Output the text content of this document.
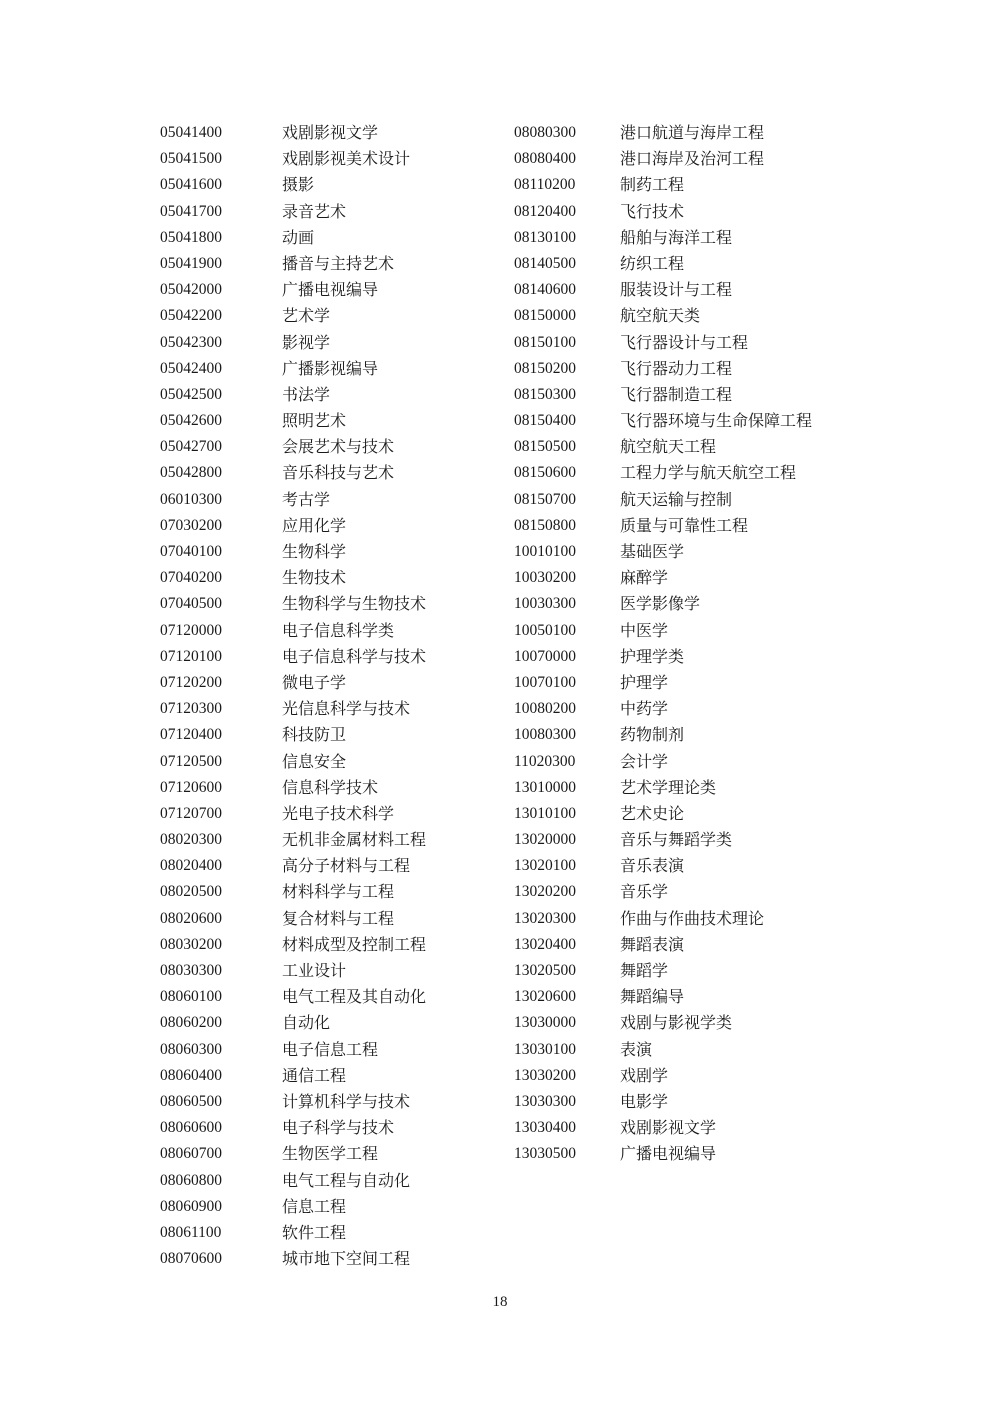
05041400	戏剧影视文学
05041500	戏剧影视美术设计
05041600	摄影
05041700	录音艺术
05041800	动画
05041900	播音与主持艺术
05042000	广播电视编导
05042200	艺术学
05042300	影视学
05042400	广播影视编导
05042500	书法学
05042600	照明艺术
05042700	会展艺术与技术
05042800	音乐科技与艺术
06010300	考古学
07030200	应用化学
07040100	生物科学
07040200	生物技术
07040500	生物科学与生物技术
07120000	电子信息科学类
07120100	电子信息科学与技术
07120200	微电子学
07120300	光信息科学与技术
07120400	科技防卫
07120500	信息安全
07120600	信息科学技术
07120700	光电子技术科学
08020300	无机非金属材料工程
08020400	高分子材料与工程
08020500	材料科学与工程
08020600	复合材料与工程
08030200	材料成型及控制工程
08030300	工业设计
08060100	电气工程及其自动化
08060200	自动化
08060300	电子信息工程
08060400	通信工程
08060500	计算机科学与技术
08060600	电子科学与技术
08060700	生物医学工程
08060800	电气工程与自动化
08060900	信息工程
08061100	软件工程
08070600	城市地下空间工程
08080300	港口航道与海岸工程
08080400	港口海岸及治河工程
08110200	制药工程
08120400	飞行技术
08130100	船舶与海洋工程
08140500	纺织工程
08140600	服装设计与工程
08150000	航空航天类
08150100	飞行器设计与工程
08150200	飞行器动力工程
08150300	飞行器制造工程
08150400	飞行器环境与生命保障工程
08150500	航空航天工程
08150600	工程力学与航天航空工程
08150700	航天运输与控制
08150800	质量与可靠性工程
10010100	基础医学
10030200	麻醉学
10030300	医学影像学
10050100	中医学
10070000	护理学类
10070100	护理学
10080200	中药学
10080300	药物制剂
11020300	会计学
13010000	艺术学理论类
13010100	艺术史论
13020000	音乐与舞蹈学类
13020100	音乐表演
13020200	音乐学
13020300	作曲与作曲技术理论
13020400	舞蹈表演
13020500	舞蹈学
13020600	舞蹈编导
13030000	戏剧与影视学类
13030100	表演
13030200	戏剧学
13030300	电影学
13030400	戏剧影视文学
13030500	广播电视编导
18
